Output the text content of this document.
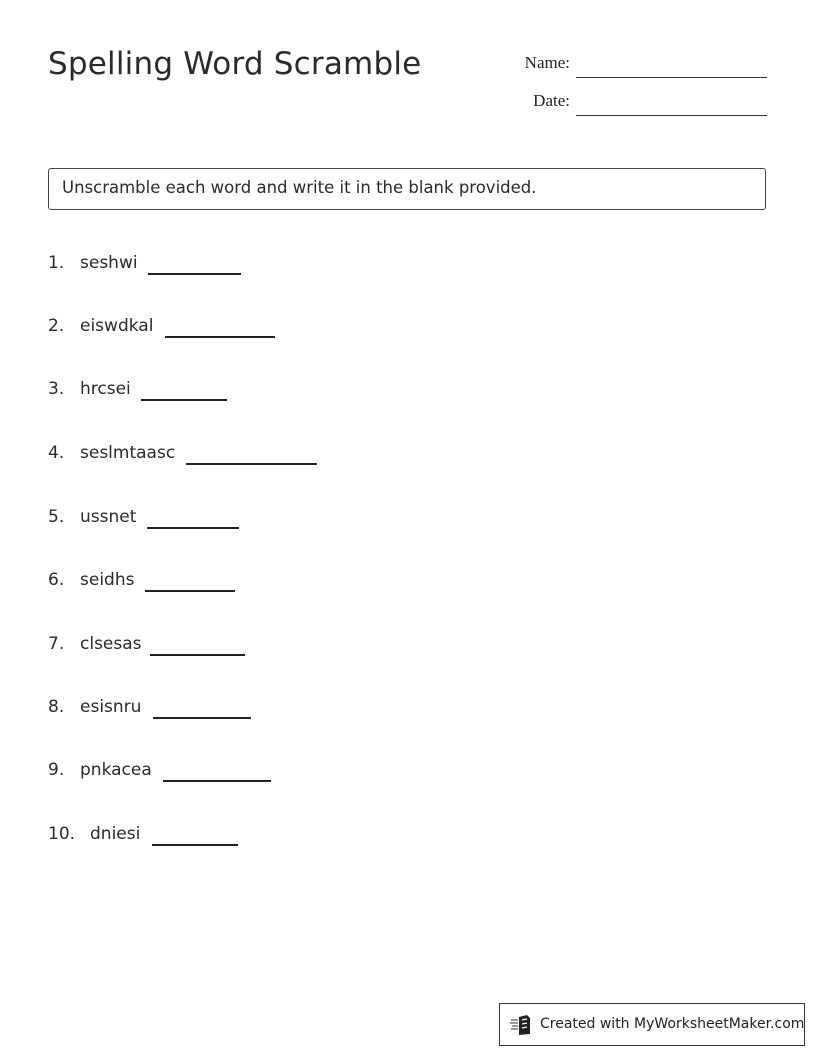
Spelling Word Scramble	Name:
Date:
Unscramble each word and write it in the blank provided.
1. seshwi
2. eiswdkal
3. hrcsei
4. seslmtaasc
5. ussnet
6. seidhs
7. clsesas
8. esisnru
9. pnkacea
10. dniesi
Created with MyWorksheetMaker.com
